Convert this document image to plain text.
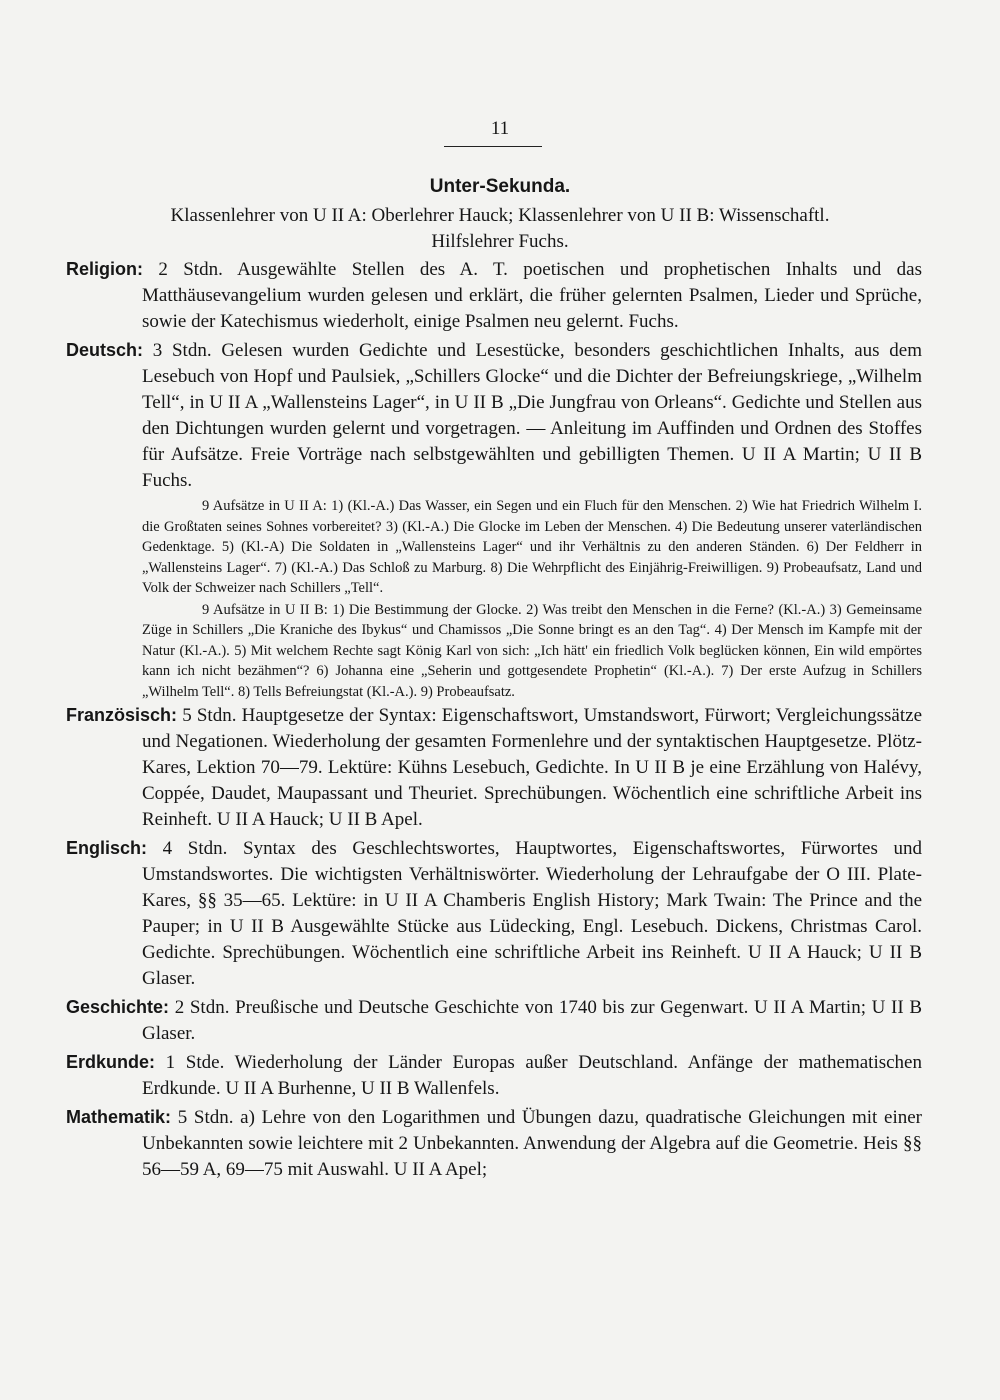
11
Unter-Sekunda.
Klassenlehrer von U II A: Oberlehrer Hauck; Klassenlehrer von U II B: Wissenschaftl.
Hilfslehrer Fuchs.

Religion: 2 Stdn. Ausgewählte Stellen des A. T. poetischen und prophetischen Inhalts und das Matthäusevangelium wurden gelesen und erklärt, die früher gelernten Psalmen, Lieder und Sprüche, sowie der Katechismus wiederholt, einige Psalmen neu gelernt. Fuchs.

Deutsch: 3 Stdn. Gelesen wurden Gedichte und Lesestücke, besonders geschichtlichen Inhalts, aus dem Lesebuch von Hopf und Paulsiek, „Schillers Glocke“ und die Dichter der Befreiungskriege, „Wilhelm Tell“, in U II A „Wallensteins Lager“, in U II B „Die Jungfrau von Orleans“. Gedichte und Stellen aus den Dichtungen wurden gelernt und vorgetragen. — Anleitung im Auffinden und Ordnen des Stoffes für Aufsätze. Freie Vorträge nach selbstgewählten und gebilligten Themen. U II A Martin; U II B Fuchs.

9 Aufsätze in U II A: 1) (Kl.-A.) Das Wasser, ein Segen und ein Fluch für den Menschen. 2) Wie hat Friedrich Wilhelm I. die Großtaten seines Sohnes vorbereitet? 3) (Kl.-A.) Die Glocke im Leben der Menschen. 4) Die Bedeutung unserer vaterländischen Gedenktage. 5) (Kl.-A) Die Soldaten in „Wallensteins Lager“ und ihr Verhältnis zu den anderen Ständen. 6) Der Feldherr in „Wallensteins Lager“. 7) (Kl.-A.) Das Schloß zu Marburg. 8) Die Wehrpflicht des Einjährig-Freiwilligen. 9) Probeaufsatz, Land und Volk der Schweizer nach Schillers „Tell“.

9 Aufsätze in U II B: 1) Die Bestimmung der Glocke. 2) Was treibt den Menschen in die Ferne? (Kl.-A.) 3) Gemeinsame Züge in Schillers „Die Kraniche des Ibykus“ und Chamissos „Die Sonne bringt es an den Tag“. 4) Der Mensch im Kampfe mit der Natur (Kl.-A.). 5) Mit welchem Rechte sagt König Karl von sich: „Ich hätt' ein friedlich Volk beglücken können, Ein wild empörtes kann ich nicht bezähmen“? 6) Johanna eine „Seherin und gottgesendete Prophetin“ (Kl.-A.). 7) Der erste Aufzug in Schillers „Wilhelm Tell“. 8) Tells Befreiungstat (Kl.-A.). 9) Probeaufsatz.

Französisch: 5 Stdn. Hauptgesetze der Syntax: Eigenschaftswort, Umstandswort, Fürwort; Vergleichungssätze und Negationen. Wiederholung der gesamten Formenlehre und der syntaktischen Hauptgesetze. Plötz-Kares, Lektion 70—79. Lektüre: Kühns Lesebuch, Gedichte. In U II B je eine Erzählung von Halévy, Coppée, Daudet, Maupassant und Theuriet. Sprechübungen. Wöchentlich eine schriftliche Arbeit ins Reinheft. U II A Hauck; U II B Apel.

Englisch: 4 Stdn. Syntax des Geschlechtswortes, Hauptwortes, Eigenschaftswortes, Fürwortes und Umstandswortes. Die wichtigsten Verhältniswörter. Wiederholung der Lehraufgabe der O III. Plate-Kares, §§ 35—65. Lektüre: in U II A Chamberis English History; Mark Twain: The Prince and the Pauper; in U II B Ausgewählte Stücke aus Lüdecking, Engl. Lesebuch. Dickens, Christmas Carol. Gedichte. Sprechübungen. Wöchentlich eine schriftliche Arbeit ins Reinheft. U II A Hauck; U II B Glaser.

Geschichte: 2 Stdn. Preußische und Deutsche Geschichte von 1740 bis zur Gegenwart. U II A Martin; U II B Glaser.

Erdkunde: 1 Stde. Wiederholung der Länder Europas außer Deutschland. Anfänge der mathematischen Erdkunde. U II A Burhenne, U II B Wallenfels.

Mathematik: 5 Stdn. a) Lehre von den Logarithmen und Übungen dazu, quadratische Gleichungen mit einer Unbekannten sowie leichtere mit 2 Unbekannten. Anwendung der Algebra auf die Geometrie. Heis §§ 56—59 A, 69—75 mit Auswahl. U II A Apel;
